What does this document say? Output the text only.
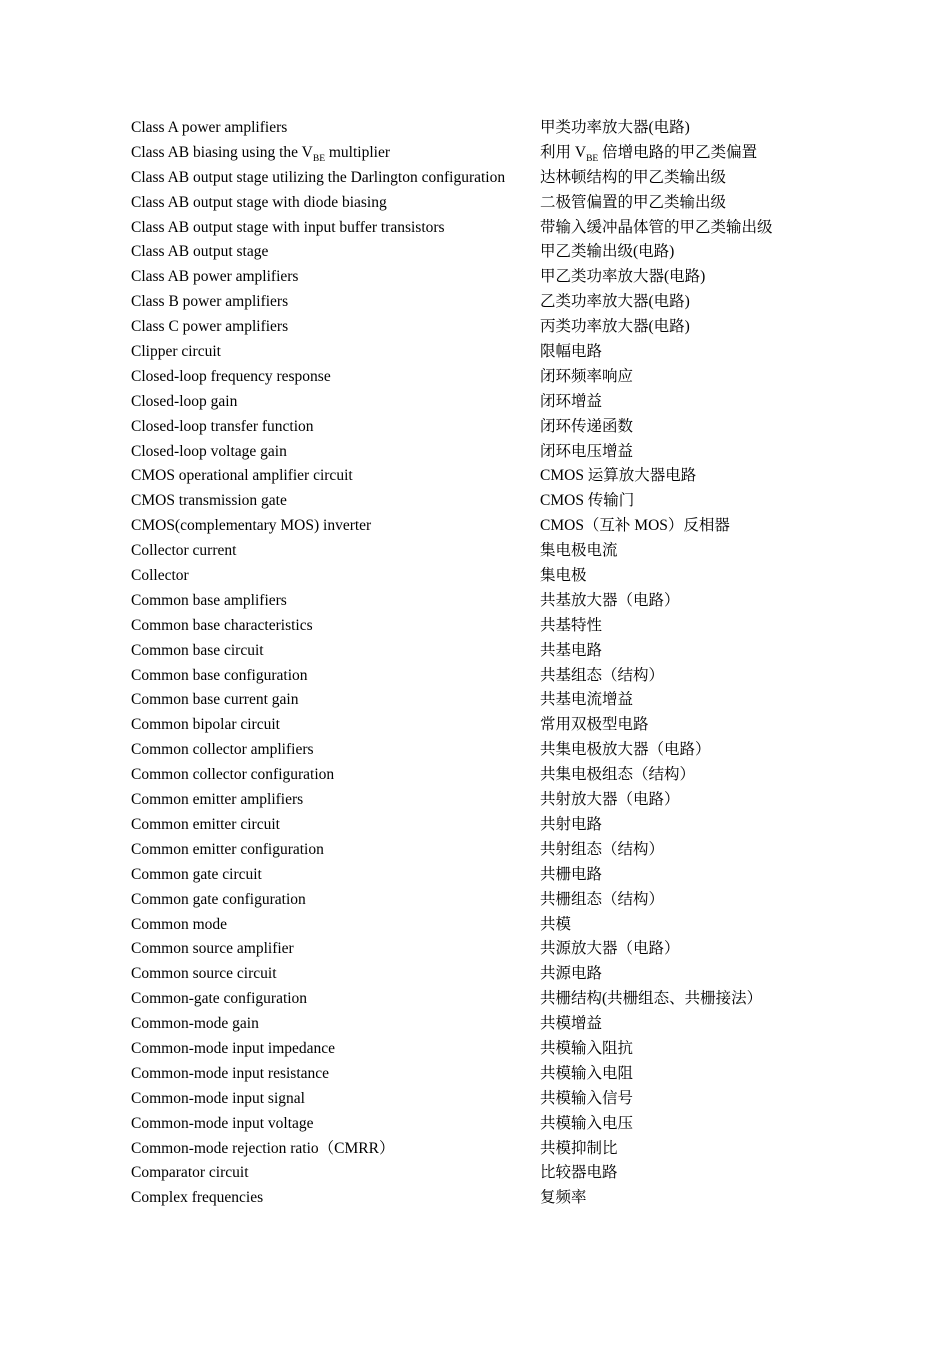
Class A power amplifiers	甲类功率放大器(电路)
Class AB biasing using the $V_{BE}$ multiplier	利用 $V_{BE}$ 倍增电路的甲乙类偏置
Class AB output stage utilizing the Darlington configuration 达林顿结构的甲乙类输出级
Class AB output stage with diode biasing	二极管偏置的甲乙类输出级
Class AB output stage with input buffer transistors	带输入缓冲晶体管的甲乙类输出级
Class AB output stage	甲乙类输出级(电路)
Class AB power amplifiers	甲乙类功率放大器(电路)
Class B power amplifiers	乙类功率放大器(电路)
Class C power amplifiers	丙类功率放大器(电路)
Clipper circuit	限幅电路
Closed-loop frequency response	闭环频率响应
Closed-loop gain	闭环增益
Closed-loop transfer function	闭环传递函数
Closed-loop voltage gain	闭环电压增益
CMOS operational amplifier circuit	CMOS 运算放大器电路
CMOS transmission gate	CMOS 传输门
CMOS(complementary MOS) inverter	CMOS（互补 MOS）反相器
Collector current	集电极电流
Collector	集电极
Common base amplifiers	共基放大器（电路）
Common base characteristics	共基特性
Common base circuit	共基电路
Common base configuration	共基组态（结构）
Common base current gain	共基电流增益
Common bipolar circuit	常用双极型电路
Common collector amplifiers	共集电极放大器（电路）
Common collector configuration	共集电极组态（结构）
Common emitter amplifiers	共射放大器（电路）
Common emitter circuit	共射电路
Common emitter configuration	共射组态（结构）
Common gate circuit	共栅电路
Common gate configuration	共栅组态（结构）
Common mode	共模
Common source amplifier	共源放大器（电路）
Common source circuit	共源电路
Common-gate configuration	共栅结构(共栅组态、共栅接法）
Common-mode gain	共模增益
Common-mode input impedance	共模输入阻抗
Common-mode input resistance	共模输入电阻
Common-mode input signal	共模输入信号
Common-mode input voltage	共模输入电压
Common-mode rejection ratio（CMRR）	共模抑制比
Comparator circuit	比较器电路
Complex frequencies	复频率
